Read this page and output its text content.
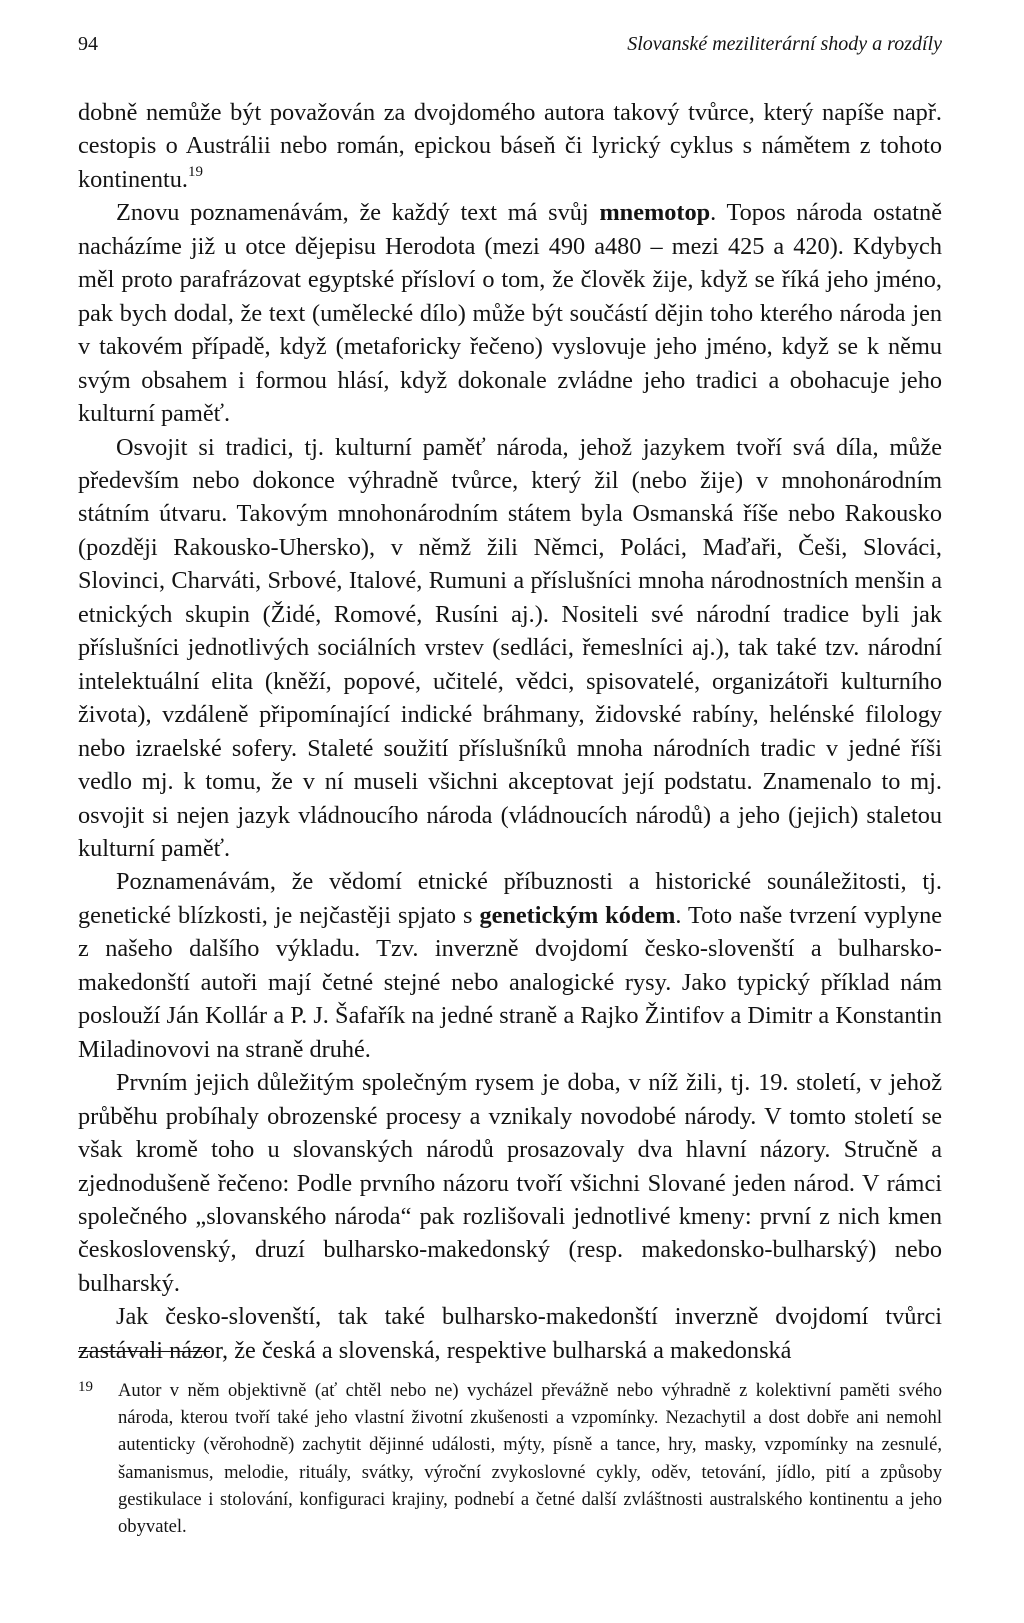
94	Slovanské meziliterární shody a rozdíly

dobně nemůže být považován za dvojdomého autora takový tvůrce, který napíše např. cestopis o Austrálii nebo román, epickou báseň či lyrický cyklus s námětem z tohoto kontinentu.$^{19}$

Znovu poznamenávám, že každý text má svůj mnemotop. Topos národa ostatně nacházíme již u otce dějepisu Herodota (mezi 490 a480 – mezi 425 a 420). Kdybych měl proto parafrázovat egyptské přísloví o tom, že člověk žije, když se říká jeho jméno, pak bych dodal, že text (umělecké dílo) může být součástí dějin toho kterého národa jen v takovém případě, když (metaforicky řečeno) vyslovuje jeho jméno, když se k němu svým obsahem i formou hlásí, když dokonale zvládne jeho tradici a obohacuje jeho kulturní paměť.

Osvojit si tradici, tj. kulturní paměť národa, jehož jazykem tvoří svá díla, může především nebo dokonce výhradně tvůrce, který žil (nebo žije) v mnohonárodním státním útvaru. Takovým mnohonárodním státem byla Osmanská říše nebo Rakousko (později Rakousko-Uhersko), v němž žili Němci, Poláci, Maďaři, Češi, Slováci, Slovinci, Charváti, Srbové, Italové, Rumuni a příslušníci mnoha národnostních menšin a etnických skupin (Židé, Romové, Rusíni aj.). Nositeli své národní tradice byli jak příslušníci jednotlivých sociálních vrstev (sedláci, řemeslníci aj.), tak také tzv. národní intelektuální elita (kněží, popové, učitelé, vědci, spisovatelé, organizátoři kulturního života), vzdáleně připomínající indické bráhmany, židovské rabíny, helénské filology nebo izraelské sofery. Staleté soužití příslušníků mnoha národních tradic v jedné říši vedlo mj. k tomu, že v ní museli všichni akceptovat její podstatu. Znamenalo to mj. osvojit si nejen jazyk vládnoucího národa (vládnoucích národů) a jeho (jejich) staletou kulturní paměť.

Poznamenávám, že vědomí etnické příbuznosti a historické sounáležitosti, tj. genetické blízkosti, je nejčastěji spjato s genetickým kódem. Toto naše tvrzení vyplyne z našeho dalšího výkladu. Tzv. inverzně dvojdomí česko-slovenští a bulharsko-makedonští autoři mají četné stejné nebo analogické rysy. Jako typický příklad nám poslouží Ján Kollár a P. J. Šafařík na jedné straně a Rajko Žintifov a Dimitr a Konstantin Miladinovovi na straně druhé.

Prvním jejich důležitým společným rysem je doba, v níž žili, tj. 19. století, v jehož průběhu probíhaly obrozenské procesy a vznikaly novodobé národy. V tomto století se však kromě toho u slovanských národů prosazovaly dva hlavní názory. Stručně a zjednodušeně řečeno: Podle prvního názoru tvoří všichni Slované jeden národ. V rámci společného „slovanského národa“ pak rozlišovali jednotlivé kmeny: první z nich kmen československý, druzí bulharsko-makedonský (resp. makedonsko-bulharský) nebo bulharský.

Jak česko-slovenští, tak také bulharsko-makedonští inverzně dvojdomí tvůrci zastávali názor, že česká a slovenská, respektive bulharská a makedonská

19	Autor v něm objektivně (ať chtěl nebo ne) vycházel převážně nebo výhradně z kolektivní paměti svého národa, kterou tvoří také jeho vlastní životní zkušenosti a vzpomínky. Nezachytil a dost dobře ani nemohl autenticky (věrohodně) zachytit dějinné události, mýty, písně a tance, hry, masky, vzpomínky na zesnulé, šamanismus, melodie, rituály, svátky, výroční zvykoslovné cykly, oděv, tetování, jídlo, pití a způsoby gestikulace i stolování, konfiguraci krajiny, podnebí a četné další zvláštnosti australského kontinentu a jeho obyvatel.
